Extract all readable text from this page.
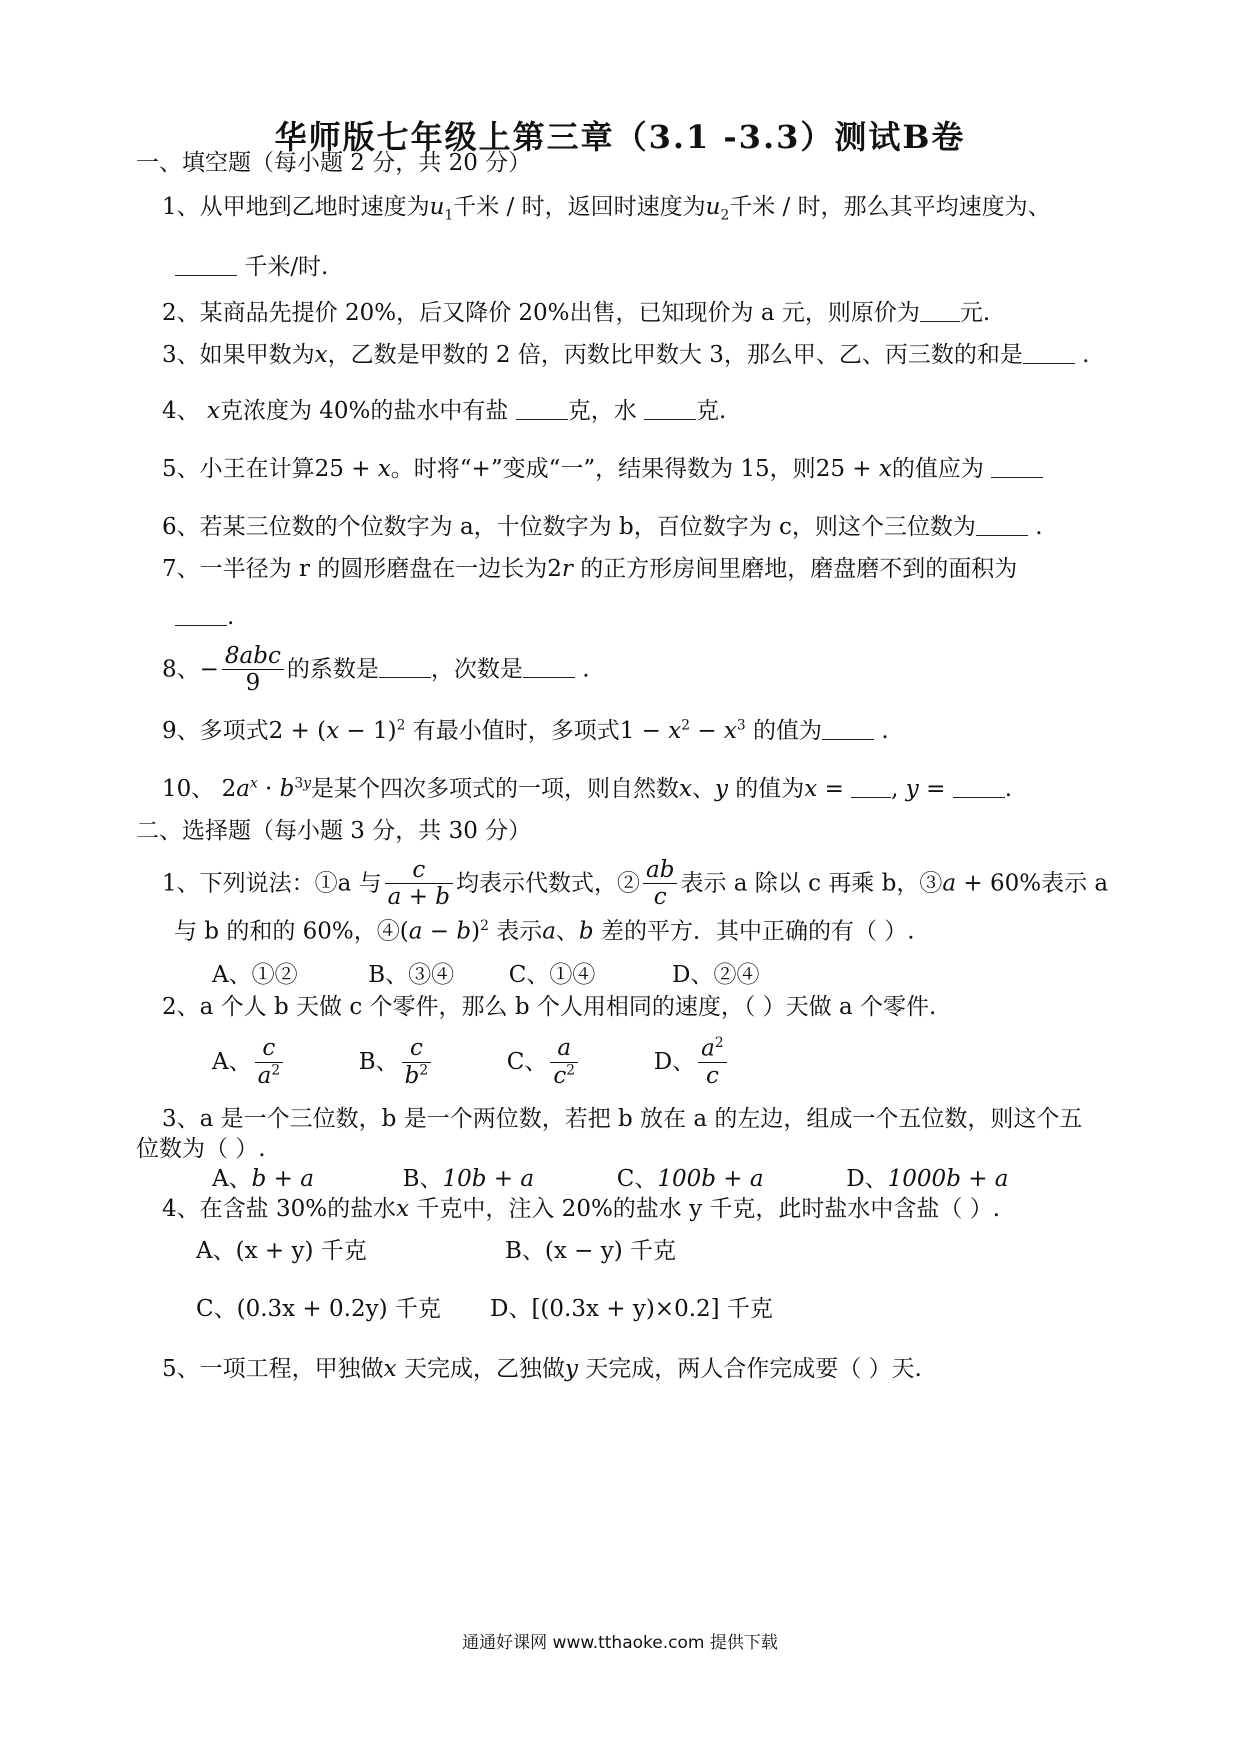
华师版七年级上第三章（3.1 -3.3）测试B卷
一、填空题（每小题 2 分，共 20 分）
1、从甲地到乙地时速度为$u_1$千米 / 时，返回时速度为$u_2$千米 / 时，那么其平均速度为、
千米/时.
2、某商品先提价 20%，后又降价 20%出售，已知现价为 a 元，则原价为 元.
3、如果甲数为x，乙数是甲数的 2 倍，丙数比甲数大 3，那么甲、乙、丙三数的和是	.
4、 x克浓度为 40%的盐水中有盐	克，水	克.
5、小王在计算25 + x。时将“+”变成“一”，结果得数为 15，则25 + x的值应为
6、若某三位数的个位数字为 a，十位数字为 b，百位数字为 c，则这个三位数为	.
7、一半径为 r 的圆形磨盘在一边长为2r 的正方形房间里磨地，磨盘磨不到的面积为
.
8、− $\frac{\text{8abc}}{9}$ 的系数是 ，次数是	.
9、多项式$2 + (x - 1)^2$ 有最小值时，多项式$1 - x^2 - x^3$ 的值为	.
10、 $2a^x \cdot b^{3y}$是某个四次多项式的一项，则自然数x、y 的值为x = , y = .
二、选择题（每小题 3 分，共 30 分）
1、下列说法：①a 与 $\frac{c}{a + b}$ 均表示代数式，② $\frac{ab}{c}$ 表示 a 除以 c 再乘 b，③a + 60%表示 a
与 b 的和的 60%，④(a − b)$^2$ 表示a、b 差的平方．其中正确的有（ ）.
A、①②	B、③④ C、①④	D、②④
2、a 个人 b 天做 c 个零件，那么 b 个人用相同的速度，（ ）天做 a 个零件.
A、 $\frac{c}{a^2}$	B、 $\frac{c}{b^2}$	C、 $\frac{a}{c^2}$	D、 $\frac{a^2}{c}$
3、a 是一个三位数，b 是一个两位数，若把 b 放在 a 的左边，组成一个五位数，则这个五
位数为（ ）.
A、b + a	B、10b + a	C、100b + a	D、1000b + a
4、在含盐 30%的盐水x 千克中，注入 20%的盐水 y 千克，此时盐水中含盐（ ）.
A、(x + y) 千克	B、(x − y) 千克
C、(0.3x + 0.2y) 千克 D、[(0.3x + y)×0.2] 千克
5、一项工程，甲独做x 天完成，乙独做y 天完成，两人合作完成要（ ）天.
通通好课网 www.tthaoke.com 提供下载
